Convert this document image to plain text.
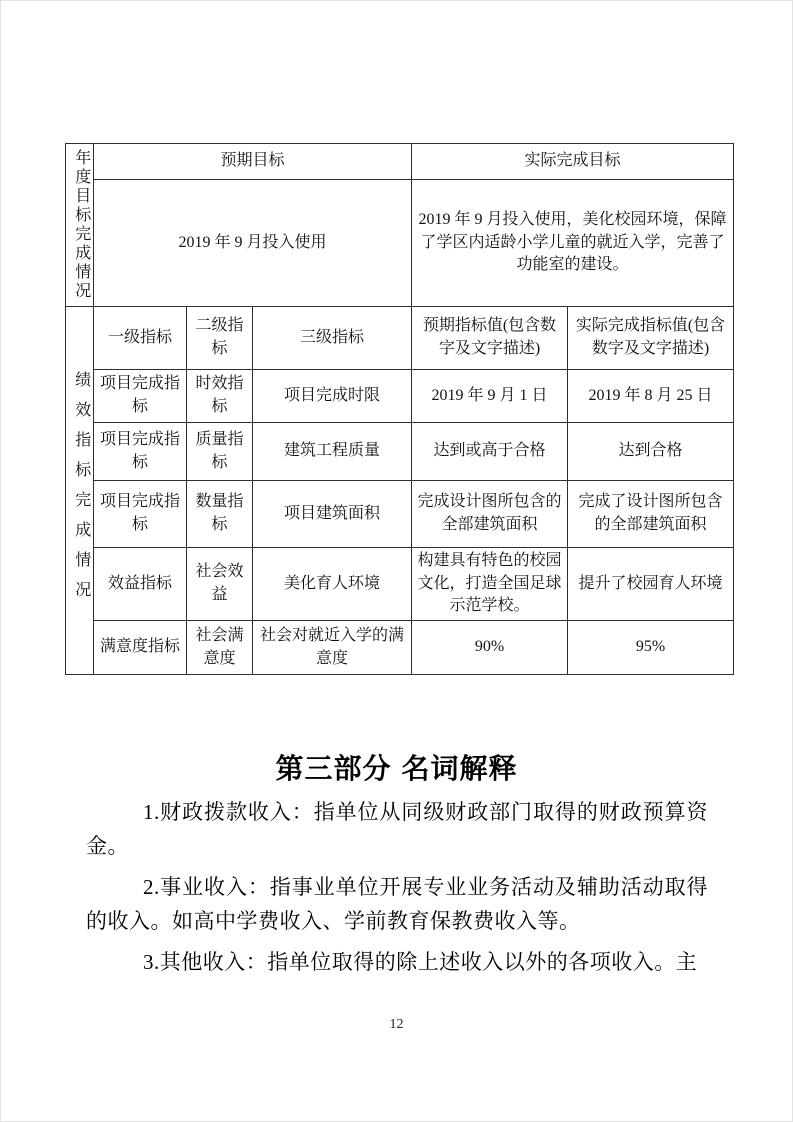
年度目标完成情况	预期目标			实际完成目标	
	2019 年 9 月投入使用			2019 年 9 月投入使用，美化校园环境，保障了学区内适龄小学儿童的就近入学，完善了功能室的建设。	

绩效指标完成情况	一级指标	二级指标	三级指标	预期指标值(包含数字及文字描述)	实际完成指标值(包含数字及文字描述)
	项目完成指标	时效指标	项目完成时限	2019 年 9 月 1 日	2019 年 8 月 25 日
	项目完成指标	质量指标	建筑工程质量	达到或高于合格	达到合格
	项目完成指标	数量指标	项目建筑面积	完成设计图所包含的全部建筑面积	完成了设计图所包含的全部建筑面积
	效益指标	社会效益	美化育人环境	构建具有特色的校园文化，打造全国足球示范学校。	提升了校园育人环境
	满意度指标	社会满意度	社会对就近入学的满意度	90%	95%
第三部分 名词解释

1.财政拨款收入：指单位从同级财政部门取得的财政预算资金。

2.事业收入：指事业单位开展专业业务活动及辅助活动取得的收入。如高中学费收入、学前教育保教费收入等。

3.其他收入：指单位取得的除上述收入以外的各项收入。主

12
